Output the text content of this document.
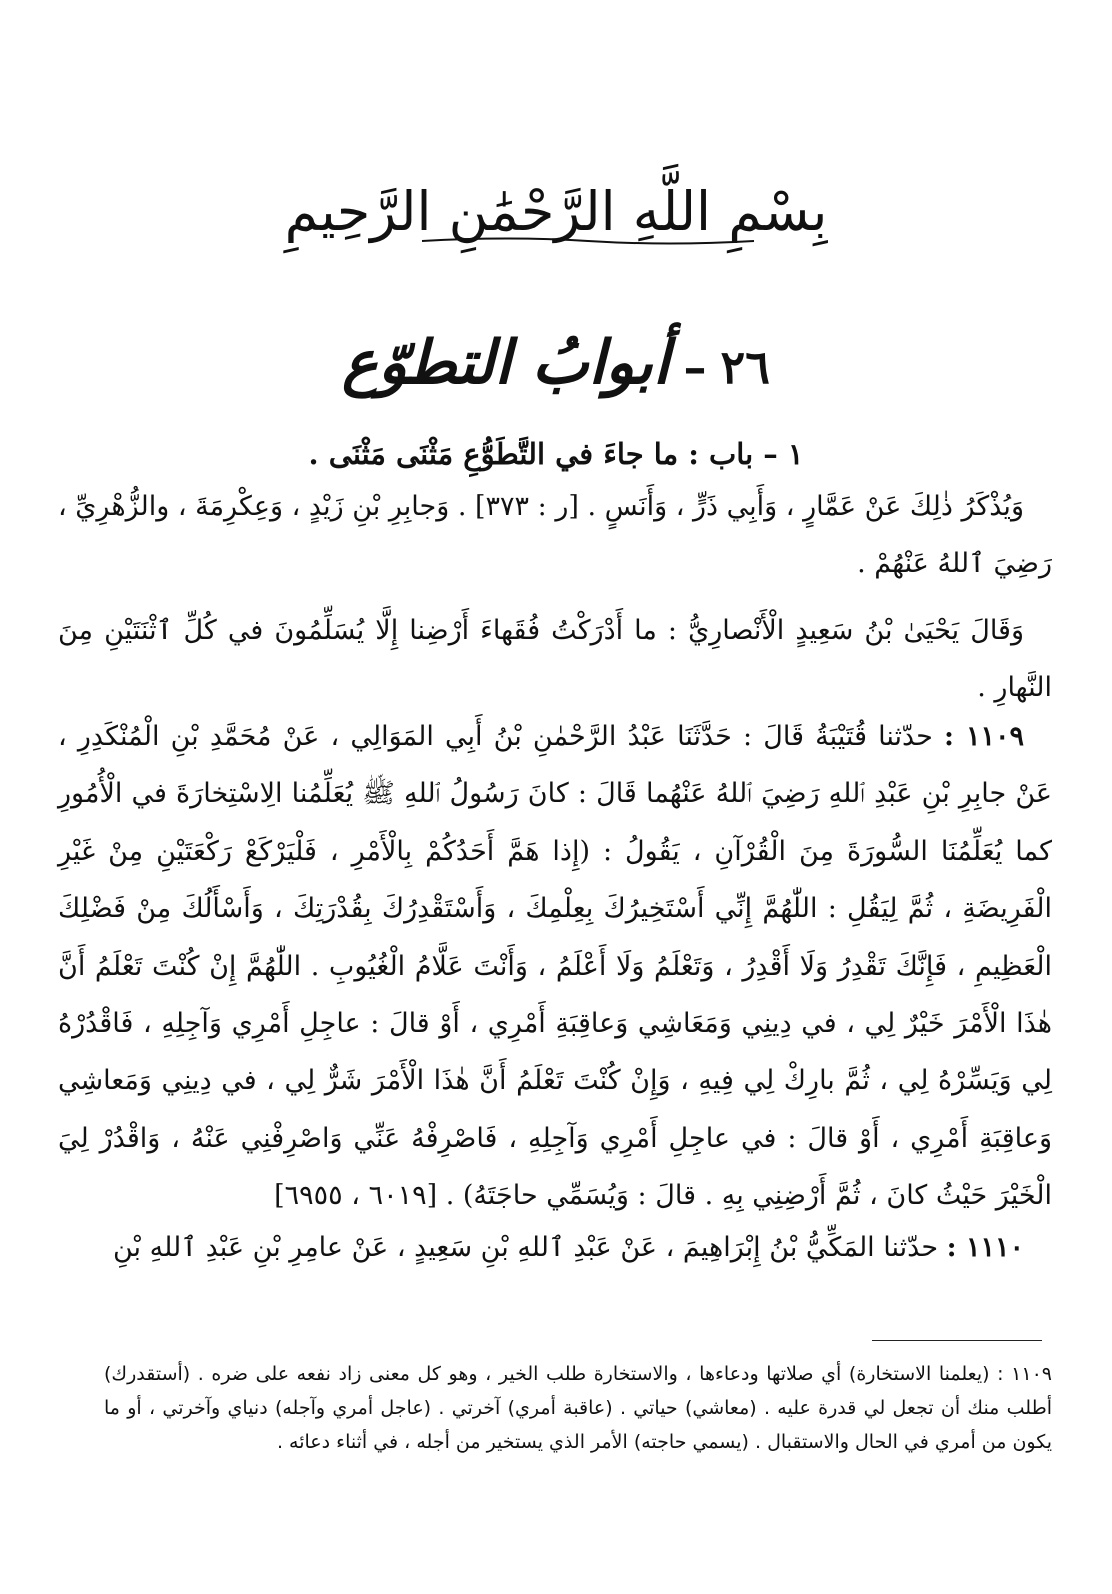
بِسْمِ اللَّهِ الرَّحْمَٰنِ الرَّحِيمِ
٢٦–أبوابُ التطوّع
١ – باب : ما جاءَ في التَّطَوُّعِ مَثْنَى مَثْنَى .
وَيُذْكَرُ ذٰلِكَ عَنْ عَمَّارٍ ، وَأَبِي ذَرٍّ ، وَأَنَسٍ . [ر : ٣٧٣] . وَجابِرِ بْنِ زَيْدٍ ، وَعِكْرِمَةَ ، والزُّهْرِيِّ ، رَضِيَ ٱللهُ عَنْهُمْ .
وَقَالَ يَحْيَىٰ بْنُ سَعِيدٍ الْأَنْصارِيُّ : ما أَدْرَكْتُ فُقَهاءَ أَرْضِنا إِلَّا يُسَلِّمُونَ في كُلِّ ٱثْنَتَيْنِ مِنَ النَّهارِ .
١١٠٩ : حدّثنا قُتَيْبَةُ قَالَ : حَدَّثَنَا عَبْدُ الرَّحْمٰنِ بْنُ أَبِي المَوَالِي ، عَنْ مُحَمَّدِ بْنِ الْمُنْكَدِرِ ، عَنْ جابِرِ بْنِ عَبْدِ ٱللهِ رَضِيَ ٱللهُ عَنْهُما قَالَ : كانَ رَسُولُ ٱللهِ ﷺ يُعَلِّمُنا الِاسْتِخارَةَ في الْأُمُورِ كما يُعَلِّمُنَا السُّورَةَ مِنَ الْقُرْآنِ ، يَقُولُ : (إِذا هَمَّ أَحَدُكُمْ بِالْأَمْرِ ، فَلْيَرْكَعْ رَكْعَتَيْنِ مِنْ غَيْرِ الْفَرِيضَةِ ، ثُمَّ لِيَقُلِ : اللّٰهُمَّ إِنِّي أَسْتَخِيرُكَ بِعِلْمِكَ ، وَأَسْتَقْدِرُكَ بِقُدْرَتِكَ ، وَأَسْأَلُكَ مِنْ فَضْلِكَ الْعَظِيمِ ، فَإِنَّكَ تَقْدِرُ وَلَا أَقْدِرُ ، وَتَعْلَمُ وَلَا أَعْلَمُ ، وَأَنْتَ عَلَّامُ الْغُيُوبِ . اللّٰهُمَّ إِنْ كُنْتَ تَعْلَمُ أَنَّ هٰذَا الْأَمْرَ خَيْرٌ لِي ، في دِينِي وَمَعَاشِي وَعاقِبَةِ أَمْرِي ، أَوْ قالَ : عاجِلِ أَمْرِي وَآجِلِهِ ، فَاقْدُرْهُ لِي وَيَسِّرْهُ لِي ، ثُمَّ بارِكْ لِي فِيهِ ، وَإِنْ كُنْتَ تَعْلَمُ أَنَّ هٰذَا الْأَمْرَ شَرٌّ لِي ، في دِينِي وَمَعاشِي وَعاقِبَةِ أَمْرِي ، أَوْ قالَ : في عاجِلِ أَمْرِي وَآجِلِهِ ، فَاصْرِفْهُ عَنِّي وَاصْرِفْنِي عَنْهُ ، وَاقْدُرْ لِيَ الْخَيْرَ حَيْثُ كانَ ، ثُمَّ أَرْضِنِي بِهِ . قالَ : وَيُسَمِّي حاجَتَهُ) . [٦٠١٩ ، ٦٩٥٥]
١١١٠ : حدّثنا المَكِّيُّ بْنُ إِبْرَاهِيمَ ، عَنْ عَبْدِ ٱللهِ بْنِ سَعِيدٍ ، عَنْ عامِرِ بْنِ عَبْدِ ٱللهِ بْنِ
١١٠٩ : (يعلمنا الاستخارة) أي صلاتها ودعاءها ، والاستخارة طلب الخير ، وهو كل معنى زاد نفعه على ضره . (أستقدرك) أطلب منك أن تجعل لي قدرة عليه . (معاشي) حياتي . (عاقبة أمري) آخرتي . (عاجل أمري وآجله) دنياي وآخرتي ، أو ما يكون من أمري في الحال والاستقبال . (يسمي حاجته) الأمر الذي يستخير من أجله ، في أثناء دعائه .
